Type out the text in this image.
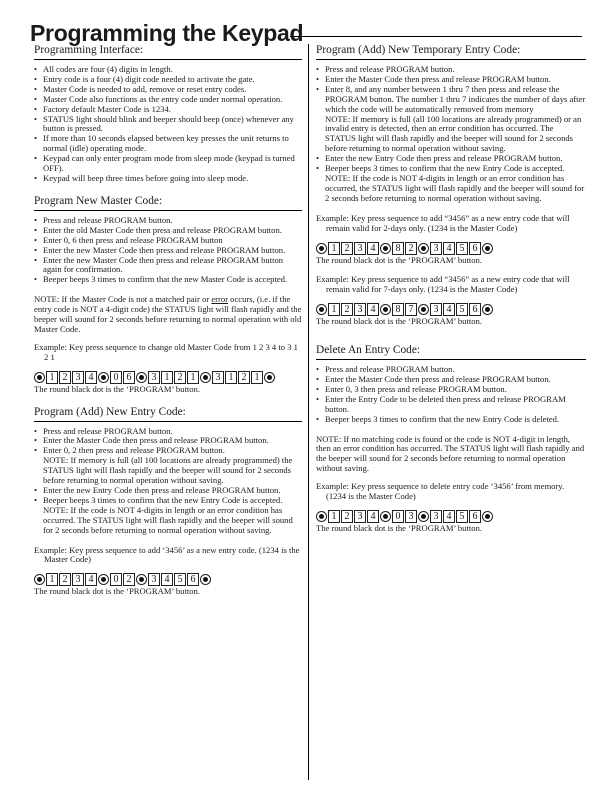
Programming the Keypad
Programming Interface:
• All codes are four (4) digits in length.
• Entry code is a four (4) digit code needed to activate the gate.
• Master Code is needed to add, remove or reset entry codes.
• Master Code also functions as the entry code under normal operation.
• Factory default Master Code is 1234.
• STATUS light should blink and beeper should beep (once) whenever any button is pressed.
• If more than 10 seconds elapsed between key presses the unit returns to normal (idle) operating mode.
• Keypad can only enter program mode from sleep mode (keypad is turned OFF).
• Keypad will beep three times before going into sleep mode.
Program New Master Code:
• Press and release PROGRAM button.
• Enter the old Master Code then press and release PROGRAM button.
• Enter 0, 6 then press and release PROGRAM button
• Enter the new Master Code then press and release PROGRAM button.
• Enter the new Master Code then press and release PROGRAM button again for confirmation.
• Beeper beeps 3 times to confirm that the new Master Code is accepted.

NOTE: If the Master Code is not a matched pair or error occurs, (i.e. if the entry code is NOT a 4-digit code) the STATUS light will flash rapidly and the beeper will sound for 2 seconds before returning to normal operation with old Master Code.

Example: Key press sequence to change old Master Code from 1 2 3 4 to 3 1 2 1

1 2 3 4	0 6	3 1 2 1	3 1 2 1

The round black dot is the ‘PROGRAM’ button.

Program (Add) New Entry Code:
• Press and release PROGRAM button.
• Enter the Master Code then press and release PROGRAM button.
• Enter 0, 2 then press and release PROGRAM button.
NOTE: If memory is full (all 100 locations are already programmed) the STATUS light will flash rapidly and the beeper will sound for 2 seconds before returning to normal operation without saving.
• Enter the new Entry Code then press and release PROGRAM button.
• Beeper beeps 3 times to confirm that the new Entry Code is accepted.
NOTE: If the code is NOT 4-digits in length or an error condition has occurred. The STATUS light will flash rapidly and the beeper will sound for 2 seconds before returning to normal operation without saving.

Example: Key press sequence to add ‘3456’ as a new entry code. (1234 is the Master Code)

1 2 3 4	0 2	3 4 5 6

The round black dot is the ‘PROGRAM’ button.

Program (Add) New Temporary Entry Code:
• Press and release PROGRAM button.
• Enter the Master Code then press and release PROGRAM button.
• Enter 8, and any number between 1 thru 7 then press and release the PROGRAM button. The number 1 thru 7 indicates the number of days after which the code will be automatically removed from memory
NOTE: If memory is full (all 100 locations are already programmed) or an invalid entry is detected, then an error condition has occurred. The STATUS light will flash rapidly and the beeper will sound for 2 seconds before returning to normal operation without saving.
• Enter the new Entry Code then press and release PROGRAM button.
• Beeper beeps 3 times to confirm that the new Entry Code is accepted.
NOTE: If the code is NOT 4-digits in length or an error condition has occurred, the STATUS light will flash rapidly and the beeper will sound for 2 seconds before returning to normal operation without saving.

Example: Key press sequence to add “3456” as a new entry code that will remain valid for 2-days only. (1234 is the Master Code)

1 2 3 4	8 2	3 4 5 6

The round black dot is the ‘PROGRAM’ button.

Example: Key press sequence to add “3456” as a new entry code that will remain valid for 7-days only. (1234 is the Master Code)

1 2 3 4	8 7	3 4 5 6

The round black dot is the ‘PROGRAM’ button.

Delete An Entry Code:
• Press and release PROGRAM button.
• Enter the Master Code then press and release PROGRAM button.
• Enter 0, 3 then press and release PROGRAM button.
• Enter the Entry Code to be deleted then press and release PROGRAM button.
• Beeper beeps 3 times to confirm that the new Entry Code is deleted.

NOTE: If no matching code is found or the code is NOT 4-digit in length, then an error condition has occurred. The STATUS light will flash rapidly and the beeper will sound for 2 seconds before returning to normal operation without saving.

Example: Key press sequence to delete entry code ‘3456’ from memory. (1234 is the Master Code)

1 2 3 4	0 3	3 4 5 6

The round black dot is the ‘PROGRAM’ button.
